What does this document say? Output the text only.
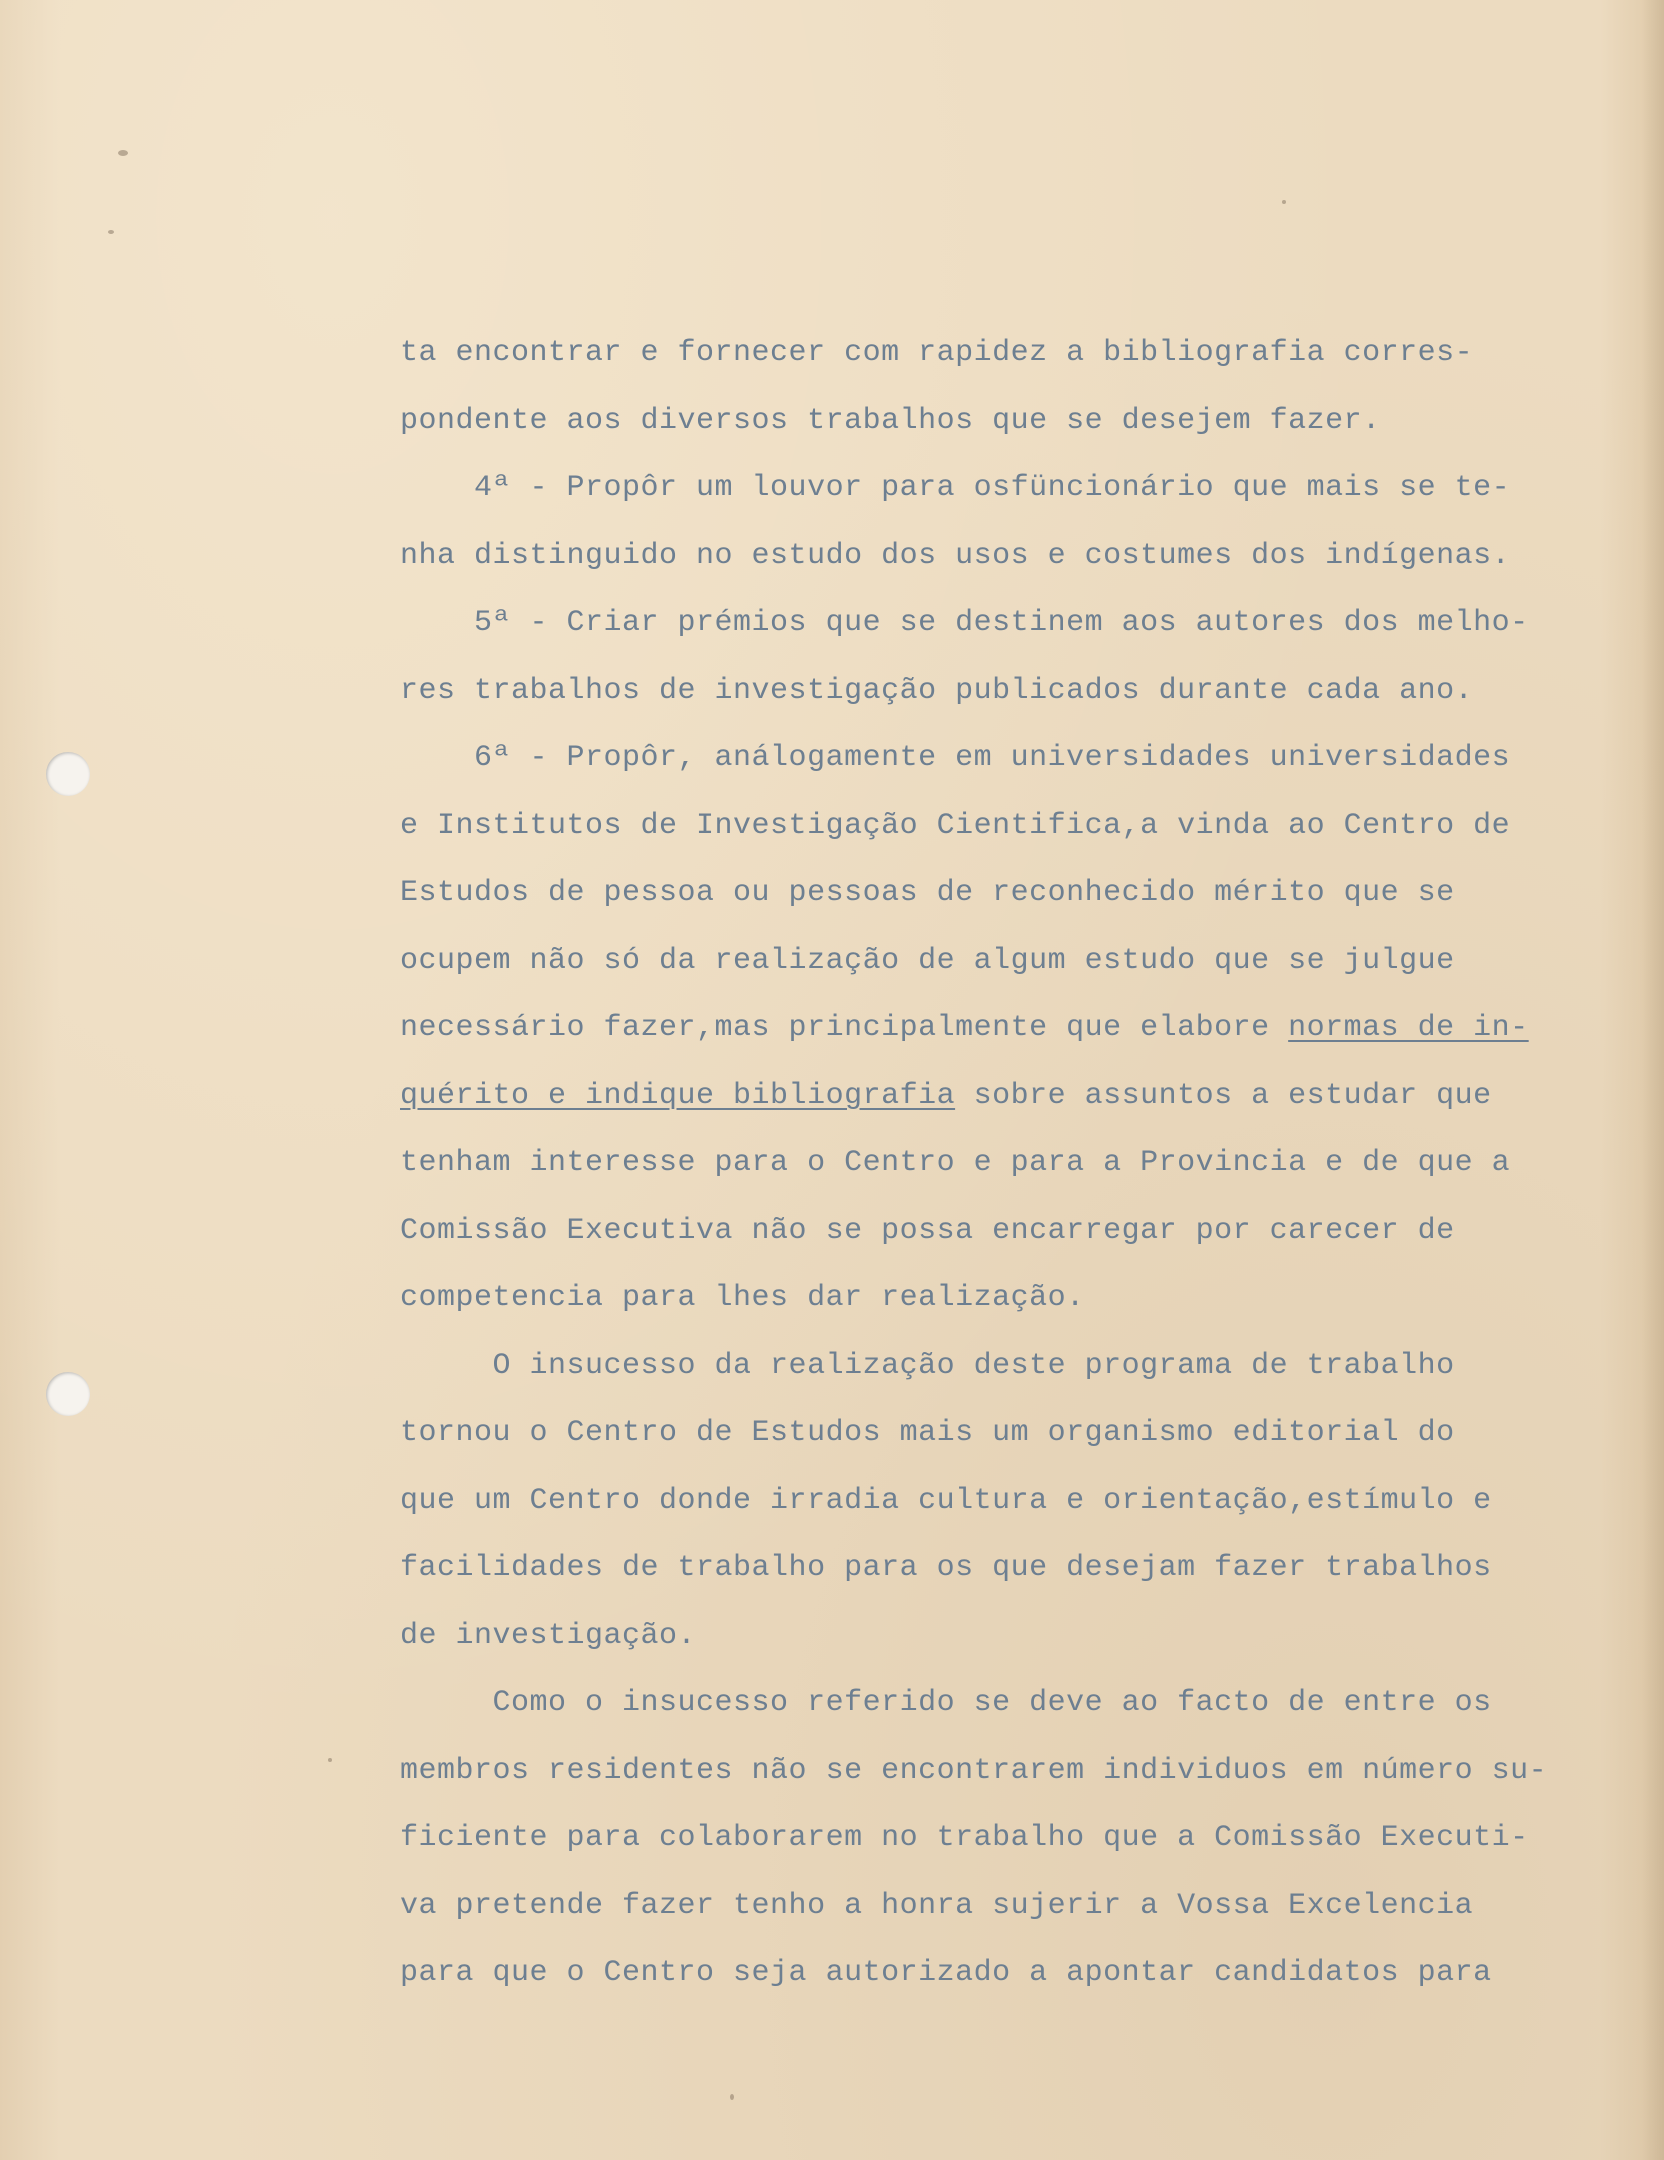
ta encontrar e fornecer com rapidez a bibliografia corres-
pondente aos diversos trabalhos que se desejem fazer.
4ª - Propôr um louvor para osfüncionário que mais se te-
nha distinguido no estudo dos usos e costumes dos indígenas.
5ª - Criar prémios que se destinem aos autores dos melho-
res trabalhos de investigação publicados durante cada ano.
6ª - Propôr, análogamente em universidades universidades
e Institutos de Investigação Cientifica,a vinda ao Centro de
Estudos de pessoa ou pessoas de reconhecido mérito que se
ocupem não só da realização de algum estudo que se julgue
necessário fazer,mas principalmente que elabore normas de in-
quérito e indique bibliografia sobre assuntos a estudar que
tenham interesse para o Centro e para a Provincia e de que a
Comissão Executiva não se possa encarregar por carecer de
competencia para lhes dar realização.
O insucesso da realização deste programa de trabalho
tornou o Centro de Estudos mais um organismo editorial do
que um Centro donde irradia cultura e orientação,estímulo e
facilidades de trabalho para os que desejam fazer trabalhos
de investigação.
Como o insucesso referido se deve ao facto de entre os
membros residentes não se encontrarem individuos em número su-
ficiente para colaborarem no trabalho que a Comissão Executi-
va pretende fazer tenho a honra sujerir a Vossa Excelencia
para que o Centro seja autorizado a apontar candidatos para
